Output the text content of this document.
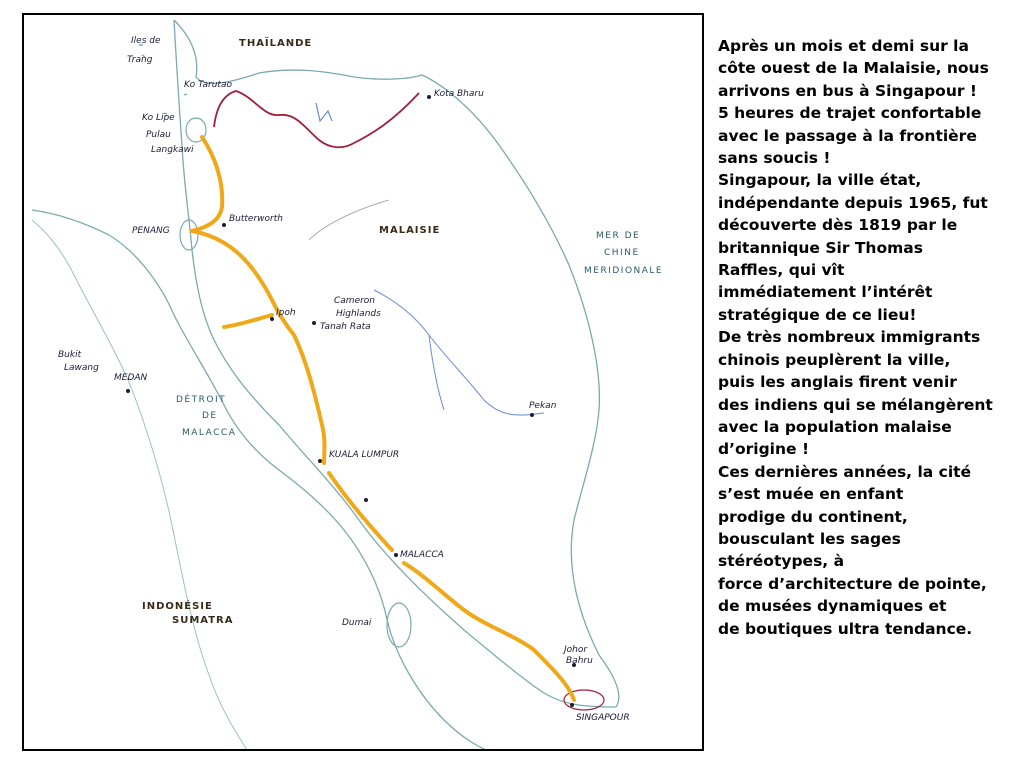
THAÏLANDE
MALAISIE
INDONÉSIE
SUMATRA
MER DE
CHINE
MERIDIONALE
DÉTROIT
DE
MALACCA
Iles de
Trang
Ko Tarutao
Ko Lipe
Pulau
Langkawi
Kota Bharu
PENANG
Butterworth
Ipoh
Cameron
Highlands
Tanah Rata
Bukit
Lawang
MEDAN
Pekan
KUALA LUMPUR
MALACCA
Dumai
Johor
Bahru
SINGAPOUR

Après un mois et demi sur la

côte ouest de la Malaisie, nous

arrivons en bus à Singapour !

5 heures de trajet confortable

avec le passage à la frontière

sans soucis !

Singapour, la ville état,

indépendante depuis 1965, fut

découverte dès 1819 par le

britannique Sir Thomas

Raffles, qui vît

immédiatement l’intérêt

stratégique de ce lieu!

De très nombreux immigrants

chinois peuplèrent la ville,

puis les anglais firent venir

des indiens qui se mélangèrent

avec la population malaise

d’origine !

Ces dernières années, la cité

s’est muée en enfant

prodige du continent,

bousculant les sages

stéréotypes, à

force d’architecture de pointe,

de musées dynamiques et

de boutiques ultra tendance.
